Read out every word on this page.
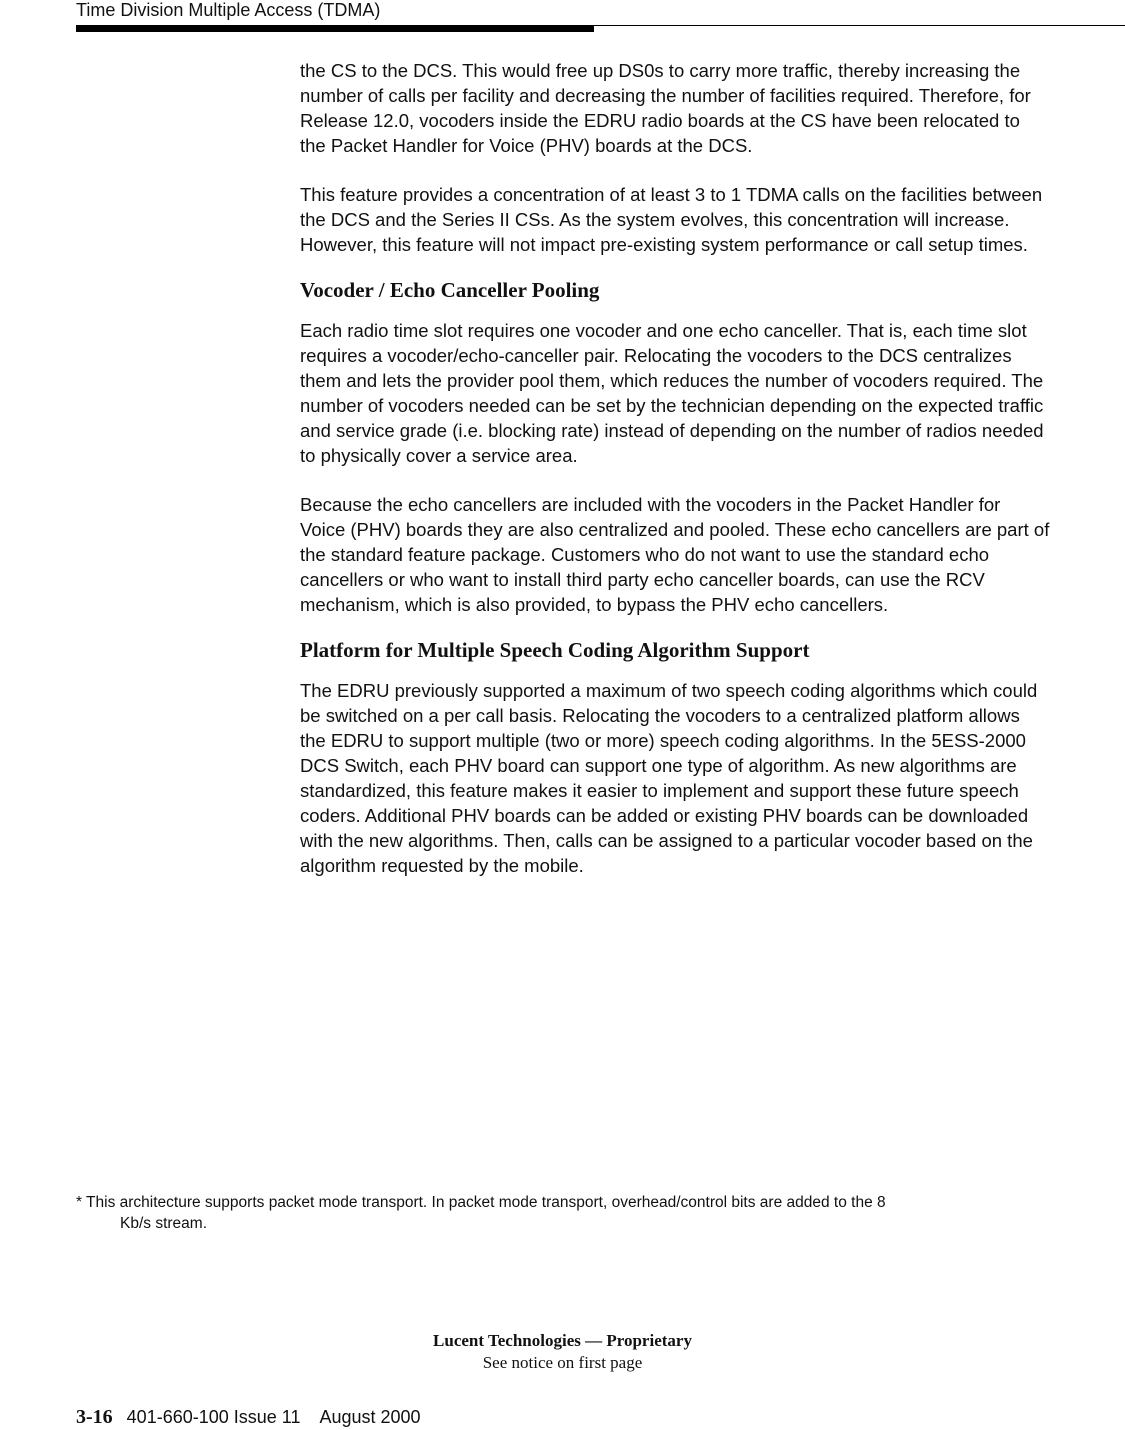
Time Division Multiple Access (TDMA)

the CS to the DCS. This would free up DS0s to carry more traffic, thereby increasing the number of calls per facility and decreasing the number of facilities required. Therefore, for Release 12.0, vocoders inside the EDRU radio boards at the CS have been relocated to the Packet Handler for Voice (PHV) boards at the DCS.

This feature provides a concentration of at least 3 to 1 TDMA calls on the facilities between the DCS and the Series II CSs. As the system evolves, this concentration will increase. However, this feature will not impact pre-existing system performance or call setup times.

Vocoder / Echo Canceller Pooling

Each radio time slot requires one vocoder and one echo canceller. That is, each time slot requires a vocoder/echo-canceller pair. Relocating the vocoders to the DCS centralizes them and lets the provider pool them, which reduces the number of vocoders required. The number of vocoders needed can be set by the technician depending on the expected traffic and service grade (i.e. blocking rate) instead of depending on the number of radios needed to physically cover a service area.

Because the echo cancellers are included with the vocoders in the Packet Handler for Voice (PHV) boards they are also centralized and pooled. These echo cancellers are part of the standard feature package. Customers who do not want to use the standard echo cancellers or who want to install third party echo canceller boards, can use the RCV mechanism, which is also provided, to bypass the PHV echo cancellers.

Platform for Multiple Speech Coding Algorithm Support

The EDRU previously supported a maximum of two speech coding algorithms which could be switched on a per call basis. Relocating the vocoders to a centralized platform allows the EDRU to support multiple (two or more) speech coding algorithms. In the 5ESS-2000 DCS Switch, each PHV board can support one type of algorithm. As new algorithms are standardized, this feature makes it easier to implement and support these future speech coders. Additional PHV boards can be added or existing PHV boards can be downloaded with the new algorithms. Then, calls can be assigned to a particular vocoder based on the algorithm requested by the mobile.

* This architecture supports packet mode transport. In packet mode transport, overhead/control bits are added to the 8
Kb/s stream.
Lucent Technologies — Proprietary
See notice on first page
3-16 401-660-100 Issue 11    August 2000
